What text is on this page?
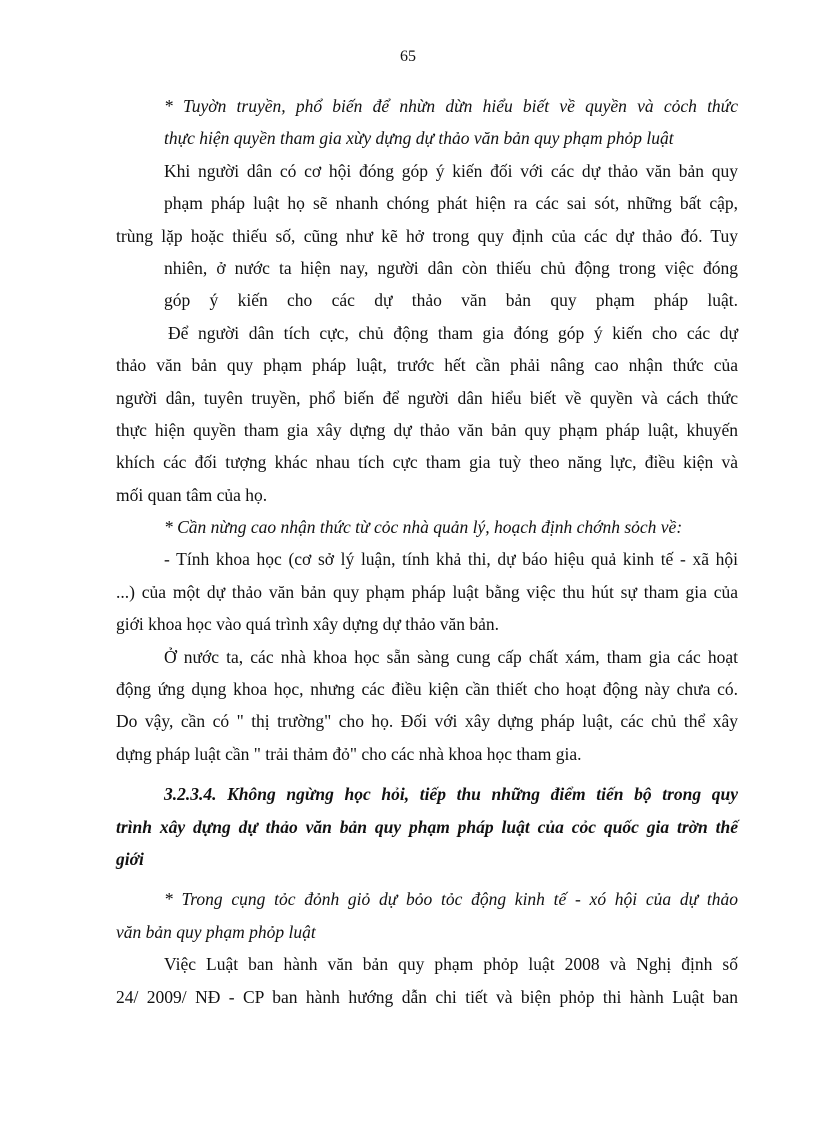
65
* Tuyờn truyền, phổ biến để nhừn dừn hiểu biết về quyền và cỏch thức
thực hiện quyền tham gia xừy dựng dự thảo văn bản quy phạm phỏp luật
Khi người dân có cơ hội đóng góp ý kiến đối với các dự thảo văn bản quy
phạm pháp luật họ sẽ nhanh chóng phát hiện ra các sai sót, những bất cập,
trùng lặp hoặc thiếu số, cũng như kẽ hở trong quy định của các dự thảo đó. Tuy
nhiên, ở nước ta hiện nay, người dân còn thiếu chủ động trong việc đóng
góp ý kiến cho các dự thảo văn bản quy phạm pháp luật.
Để người dân tích cực, chủ động tham gia đóng góp ý kiến cho các dự
thảo văn bản quy phạm pháp luật, trước hết cần phải nâng cao nhận thức của
người dân, tuyên truyền, phổ biến để người dân hiểu biết về quyền và cách thức
thực hiện quyền tham gia xây dựng dự thảo văn bản quy phạm pháp luật, khuyến
khích các đối tượng khác nhau tích cực tham gia tuỳ theo năng lực, điều kiện và
mối quan tâm của họ.
* Cần nừng cao nhận thức từ cỏc nhà quản lý, hoạch định chớnh sỏch về:
- Tính khoa học (cơ sở lý luận, tính khả thi, dự báo hiệu quả kinh tế - xã hội
...) của một dự thảo văn bản quy phạm pháp luật bằng việc thu hút sự tham gia của
giới khoa học vào quá trình xây dựng dự thảo văn bản.
Ở nước ta, các nhà khoa học sẵn sàng cung cấp chất xám, tham gia các hoạt
động ứng dụng khoa học, nhưng các điều kiện cần thiết cho hoạt động này chưa có.
Do vậy, cần có " thị trường" cho họ. Đối với xây dựng pháp luật, các chủ thể xây
dựng pháp luật cần " trải thảm đỏ" cho các nhà khoa học tham gia.
3.2.3.4. Không ngừng học hỏi, tiếp thu những điểm tiến bộ trong quy
trình xây dựng dự thảo văn bản quy phạm pháp luật của cỏc quốc gia trờn thế
giới
* Trong cụng tỏc đỏnh giỏ dự bỏo tỏc động kinh tế - xó hội của dự thảo
văn bản quy phạm phỏp luật
Việc Luật ban hành văn bản quy phạm phỏp luật 2008 và Nghị định số
24/ 2009/ NĐ - CP ban hành hướng dẫn chi tiết và biện phỏp thi hành Luật ban
